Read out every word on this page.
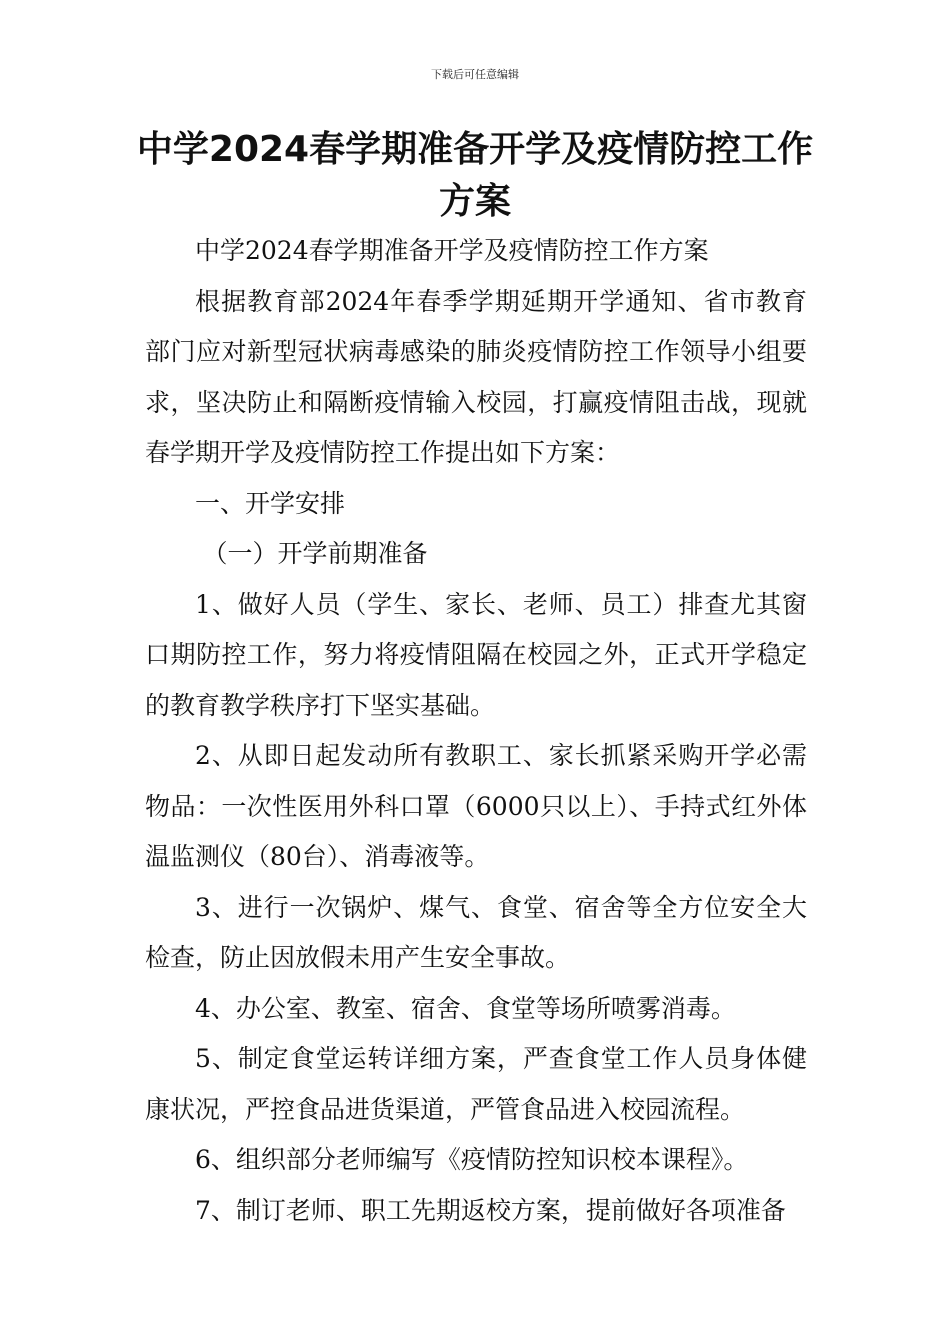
下载后可任意编辑
中学2024春学期准备开学及疫情防控工作方案

中学2024春学期准备开学及疫情防控工作方案

根据教育部2024年春季学期延期开学通知、省市教育部门应对新型冠状病毒感染的肺炎疫情防控工作领导小组要求，坚决防止和隔断疫情输入校园，打赢疫情阻击战，现就春学期开学及疫情防控工作提出如下方案：

一、开学安排

（一）开学前期准备

1、做好人员（学生、家长、老师、员工）排查尤其窗口期防控工作，努力将疫情阻隔在校园之外，正式开学稳定的教育教学秩序打下坚实基础。

2、从即日起发动所有教职工、家长抓紧采购开学必需物品：一次性医用外科口罩（6000只以上）、手持式红外体温监测仪（80台）、消毒液等。

3、进行一次锅炉、煤气、食堂、宿舍等全方位安全大检查，防止因放假未用产生安全事故。

4、办公室、教室、宿舍、食堂等场所喷雾消毒。

5、制定食堂运转详细方案，严查食堂工作人员身体健康状况，严控食品进货渠道，严管食品进入校园流程。

6、组织部分老师编写《疫情防控知识校本课程》。

7、制订老师、职工先期返校方案，提前做好各项准备
